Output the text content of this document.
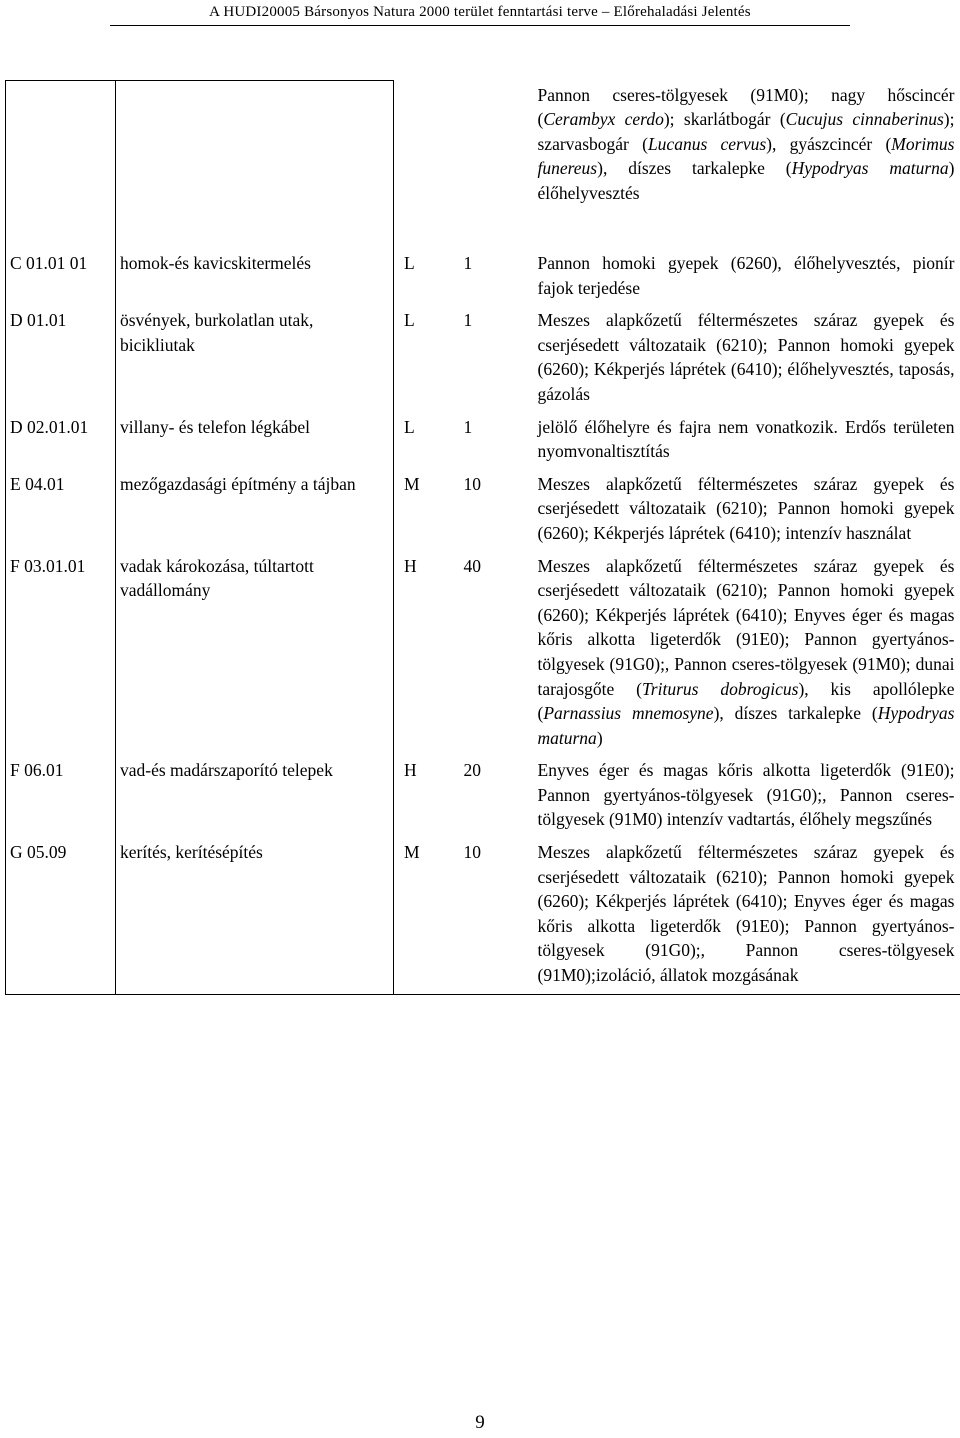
A HUDI20005 Bársonyos Natura 2000 terület fenntartási terve – Előrehaladási Jelentés
				Pannon cseres-tölgyesek (91M0); nagy hőscincér (Cerambyx cerdo); skarlátbogár (Cucujus cinnaberinus); szarvasbogár (Lucanus cervus), gyászcincér (Morimus funereus), díszes tarkalepke (Hypodryas maturna) élőhelyvesztés
C 01.01 01	homok-és kavicskitermelés	L	1	Pannon homoki gyepek (6260), élőhelyvesztés, pionír fajok terjedése
D 01.01	ösvények, burkolatlan utak, bicikliutak	L	1	Meszes alapkőzetű féltermészetes száraz gyepek és cserjésedett változataik (6210); Pannon homoki gyepek (6260); Kékperjés láprétek (6410); élőhelyvesztés, taposás, gázolás
D 02.01.01	villany- és telefon légkábel	L	1	jelölő élőhelyre és fajra nem vonatkozik. Erdős területen nyomvonaltisztítás
E 04.01	mezőgazdasági építmény a tájban	M	10	Meszes alapkőzetű féltermészetes száraz gyepek és cserjésedett változataik (6210); Pannon homoki gyepek (6260); Kékperjés láprétek (6410); intenzív használat
F 03.01.01	vadak károkozása, túltartott vadállomány	H	40	Meszes alapkőzetű féltermészetes száraz gyepek és cserjésedett változataik (6210); Pannon homoki gyepek (6260); Kékperjés láprétek (6410); Enyves éger és magas kőris alkotta ligeterdők (91E0); Pannon gyertyános-tölgyesek (91G0);, Pannon cseres-tölgyesek (91M0); dunai tarajosgőte (Triturus dobrogicus), kis apollólepke (Parnassius mnemosyne), díszes tarkalepke (Hypodryas maturna)
F 06.01	vad-és madárszaporító telepek	H	20	Enyves éger és magas kőris alkotta ligeterdők (91E0); Pannon gyertyános-tölgyesek (91G0);, Pannon cseres-tölgyesek (91M0) intenzív vadtartás, élőhely megszűnés
G 05.09	kerítés, kerítésépítés	M	10	Meszes alapkőzetű féltermészetes száraz gyepek és cserjésedett változataik (6210); Pannon homoki gyepek (6260); Kékperjés láprétek (6410); Enyves éger és magas kőris alkotta ligeterdők (91E0); Pannon gyertyános-tölgyesek (91G0);, Pannon cseres-tölgyesek (91M0);izoláció, állatok mozgásának
9
